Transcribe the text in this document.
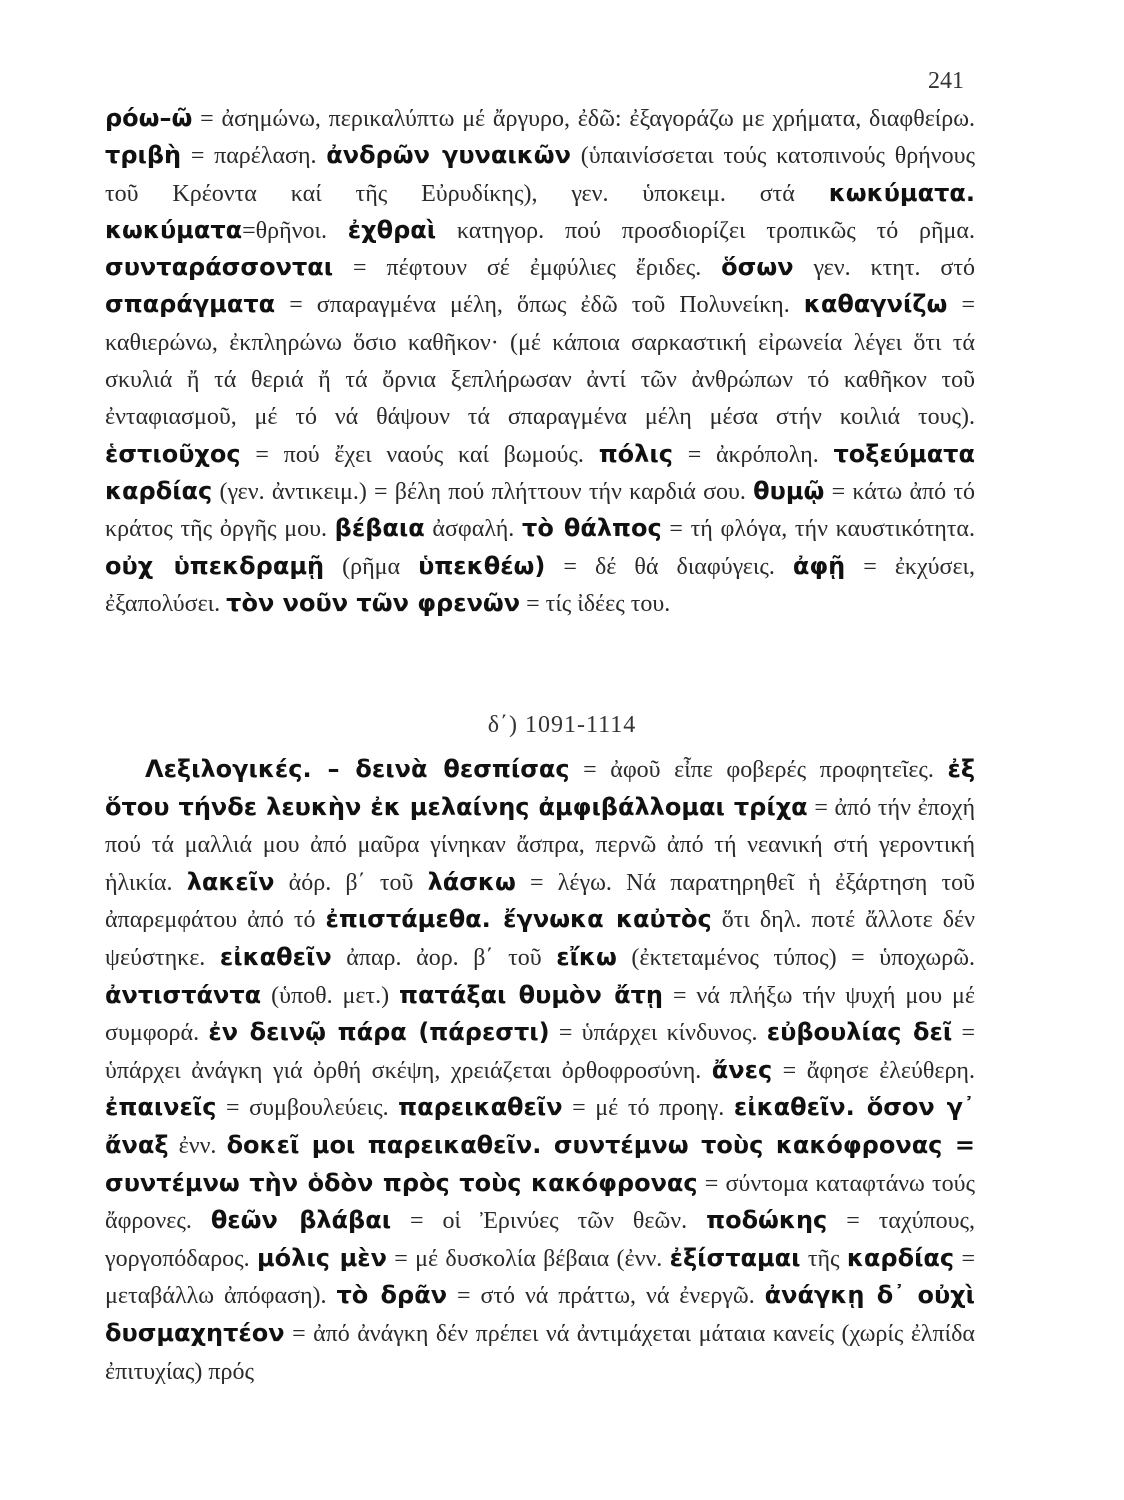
241

ρόω–ῶ = ἀσημώνω, περικαλύπτω μέ ἄργυρο, ἐδῶ: ἐξαγοράζω με χρήματα, διαφθείρω. τριβὴ = παρέλαση. ἀνδρῶν γυναικῶν (ὑπαινίσσεται τούς κατοπινούς θρήνους τοῦ Κρέοντα καί τῆς Εὐρυδίκης), γεν. ὑποκειμ. στά κωκύματα. κωκύματα=θρῆνοι. ἐχθραὶ κατηγορ. πού προσδιορίζει τροπικῶς τό ρῆμα. συνταράσσονται = πέφτουν σέ ἐμφύλιες ἔριδες. ὅσων γεν. κτητ. στό σπαράγματα = σπαραγμένα μέλη, ὅπως ἐδῶ τοῦ Πολυνείκη. καθαγνίζω = καθιερώνω, ἐκπληρώνω ὅσιο καθῆκον· (μέ κάποια σαρκαστική εἰρωνεία λέγει ὅτι τά σκυλιά ἤ τά θεριά ἤ τά ὄρνια ξεπλήρωσαν ἀντί τῶν ἀνθρώπων τό καθῆκον τοῦ ἐνταφιασμοῦ, μέ τό νά θάψουν τά σπαραγμένα μέλη μέσα στήν κοιλιά τους). ἑστιοῦχος = πού ἔχει ναούς καί βωμούς. πόλις = ἀκρόπολη. τοξεύματα καρδίας (γεν. ἀντικειμ.) = βέλη πού πλήττουν τήν καρδιά σου. θυμῷ = κάτω ἀπό τό κράτος τῆς ὀργῆς μου. βέβαια ἀσφαλή. τὸ θάλπος = τή φλόγα, τήν καυστικότητα. οὐχ ὑπεκδραμῇ (ρῆμα ὑπεκθέω) = δέ θά διαφύγεις. ἀφῇ = ἐκχύσει, ἐξαπολύσει. τὸν νοῦν τῶν φρενῶν = τίς ἰδέες του.

δ΄) 1091-1114

Λεξιλογικές. – δεινὰ θεσπίσας = ἀφοῦ εἶπε φοβερές προφητεῖες. ἐξ ὅτου τήνδε λευκὴν ἐκ μελαίνης ἀμφιβάλλομαι τρίχα = ἀπό τήν ἐποχή πού τά μαλλιά μου ἀπό μαῦρα γίνηκαν ἄσπρα, περνῶ ἀπό τή νεανική στή γεροντική ἡλικία. λακεῖν ἀόρ. β΄ τοῦ λάσκω = λέγω. Νά παρατηρηθεῖ ἡ ἐξάρτηση τοῦ ἀπαρεμφάτου ἀπό τό ἐπιστάμεθα. ἔγνωκα καὐτὸς ὅτι δηλ. ποτέ ἄλλοτε δέν ψεύστηκε. εἰκαθεῖν ἀπαρ. ἀορ. β΄ τοῦ εἴκω (ἐκτεταμένος τύπος) = ὑποχωρῶ. ἀντιστάντα (ὑποθ. μετ.) πατάξαι θυμὸν ἄτῃ = νά πλήξω τήν ψυχή μου μέ συμφορά. ἐν δεινῷ πάρα (πάρεστι) = ὑπάρχει κίνδυνος. εὐβουλίας δεῖ = ὑπάρχει ἀνάγκη γιά ὀρθή σκέψη, χρειάζεται ὀρθοφροσύνη. ἄνες = ἄφησε ἐλεύθερη. ἐπαινεῖς = συμβουλεύεις. παρεικαθεῖν = μέ τό προηγ. εἰκαθεῖν. ὅσον γ᾽ ἄναξ ἐνν. δοκεῖ μοι παρεικαθεῖν. συντέμνω τοὺς κακόφρονας = συντέμνω τὴν ὁδὸν πρὸς τοὺς κακόφρονας = σύντομα καταφτάνω τούς ἄφρονες. θεῶν βλάβαι = οἱ Ἐρινύες τῶν θεῶν. ποδώκης = ταχύπους, γοργοπόδαρος. μόλις μὲν = μέ δυσκολία βέβαια (ἐνν. ἐξίσταμαι τῆς καρδίας = μεταβάλλω ἀπόφαση). τὸ δρᾶν = στό νά πράττω, νά ἐνεργῶ. ἀνάγκῃ δ᾽ οὐχὶ δυσμαχητέον = ἀπό ἀνάγκη δέν πρέπει νά ἀντιμάχεται μάταια κανείς (χωρίς ἐλπίδα ἐπιτυχίας) πρός
